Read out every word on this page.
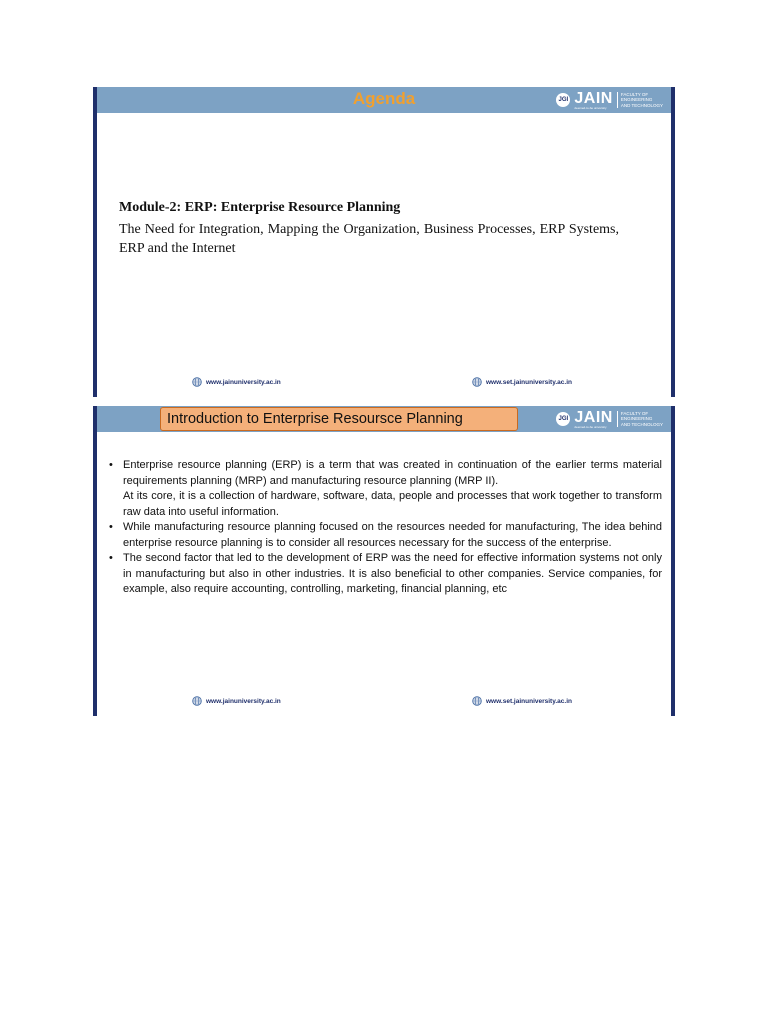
Agenda	JGI JAIN
deemed-to-be university
FACULTY OF
ENGINEERING
AND TECHNOLOGY
Module-2: ERP: Enterprise Resource Planning
The Need for Integration, Mapping the Organization, Business Processes, ERP Systems, ERP and the Internet
www.jainuniversity.ac.in	www.set.jainuniversity.ac.in
Introduction to Enterprise Resoursce Planning	JGI JAIN
deemed-to-be university
FACULTY OF
ENGINEERING
AND TECHNOLOGY
• Enterprise resource planning (ERP) is a term that was created in continuation of the earlier terms material requirements planning (MRP) and manufacturing resource planning (MRP II).
At its core, it is a collection of hardware, software, data, people and processes that work together to transform raw data into useful information.
• While manufacturing resource planning focused on the resources needed for manufacturing, The idea behind enterprise resource planning is to consider all resources necessary for the success of the enterprise.
• The second factor that led to the development of ERP was the need for effective information systems not only in manufacturing but also in other industries. It is also beneficial to other companies. Service companies, for example, also require accounting, controlling, marketing, financial planning, etc
www.jainuniversity.ac.in	www.set.jainuniversity.ac.in
